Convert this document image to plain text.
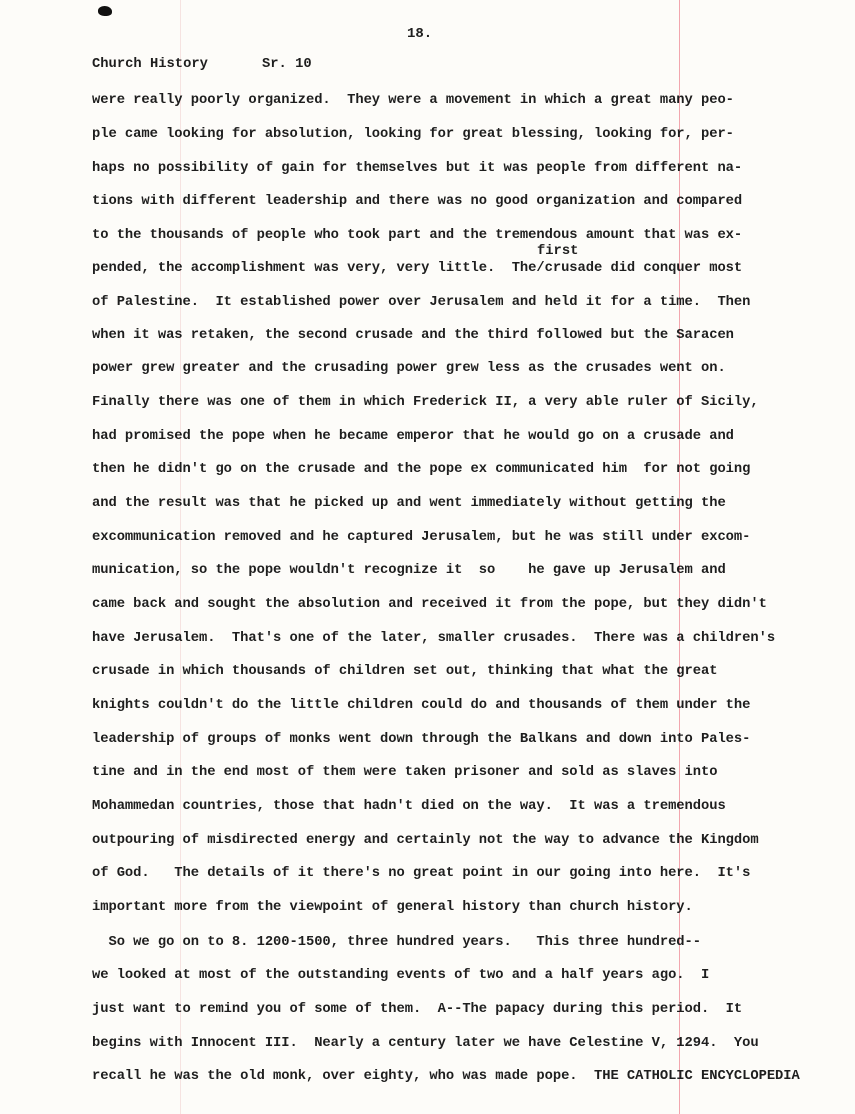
18.
Church History	Sr. 10
first
were really poorly organized.  They were a movement in which a great many peo-
ple came looking for absolution, looking for great blessing, looking for, per-
haps no possibility of gain for themselves but it was people from different na-
tions with different leadership and there was no good organization and compared
to the thousands of people who took part and the tremendous amount that was ex-
pended, the accomplishment was very, very little.  The/crusade did conquer most
of Palestine.  It established power over Jerusalem and held it for a time.  Then
when it was retaken, the second crusade and the third followed but the Saracen
power grew greater and the crusading power grew less as the crusades went on.
Finally there was one of them in which Frederick II, a very able ruler of Sicily,
had promised the pope when he became emperor that he would go on a crusade and
then he didn't go on the crusade and the pope ex communicated him  for not going
and the result was that he picked up and went immediately without getting the
excommunication removed and he captured Jerusalem, but he was still under excom-
munication, so the pope wouldn't recognize it  so    he gave up Jerusalem and
came back and sought the absolution and received it from the pope, but they didn't
have Jerusalem.  That's one of the later, smaller crusades.  There was a children's
crusade in which thousands of children set out, thinking that what the great
knights couldn't do the little children could do and thousands of them under the
leadership of groups of monks went down through the Balkans and down into Pales-
tine and in the end most of them were taken prisoner and sold as slaves into
Mohammedan countries, those that hadn't died on the way.  It was a tremendous
outpouring of misdirected energy and certainly not the way to advance the Kingdom
of God.   The details of it there's no great point in our going into here.  It's
important more from the viewpoint of general history than church history.
So we go on to 8. 1200-1500, three hundred years.   This three hundred--
we looked at most of the outstanding events of two and a half years ago.  I
just want to remind you of some of them.  A--The papacy during this period.  It
begins with Innocent III.  Nearly a century later we have Celestine V, 1294.  You
recall he was the old monk, over eighty, who was made pope.  THE CATHOLIC ENCYCLOPEDIA
